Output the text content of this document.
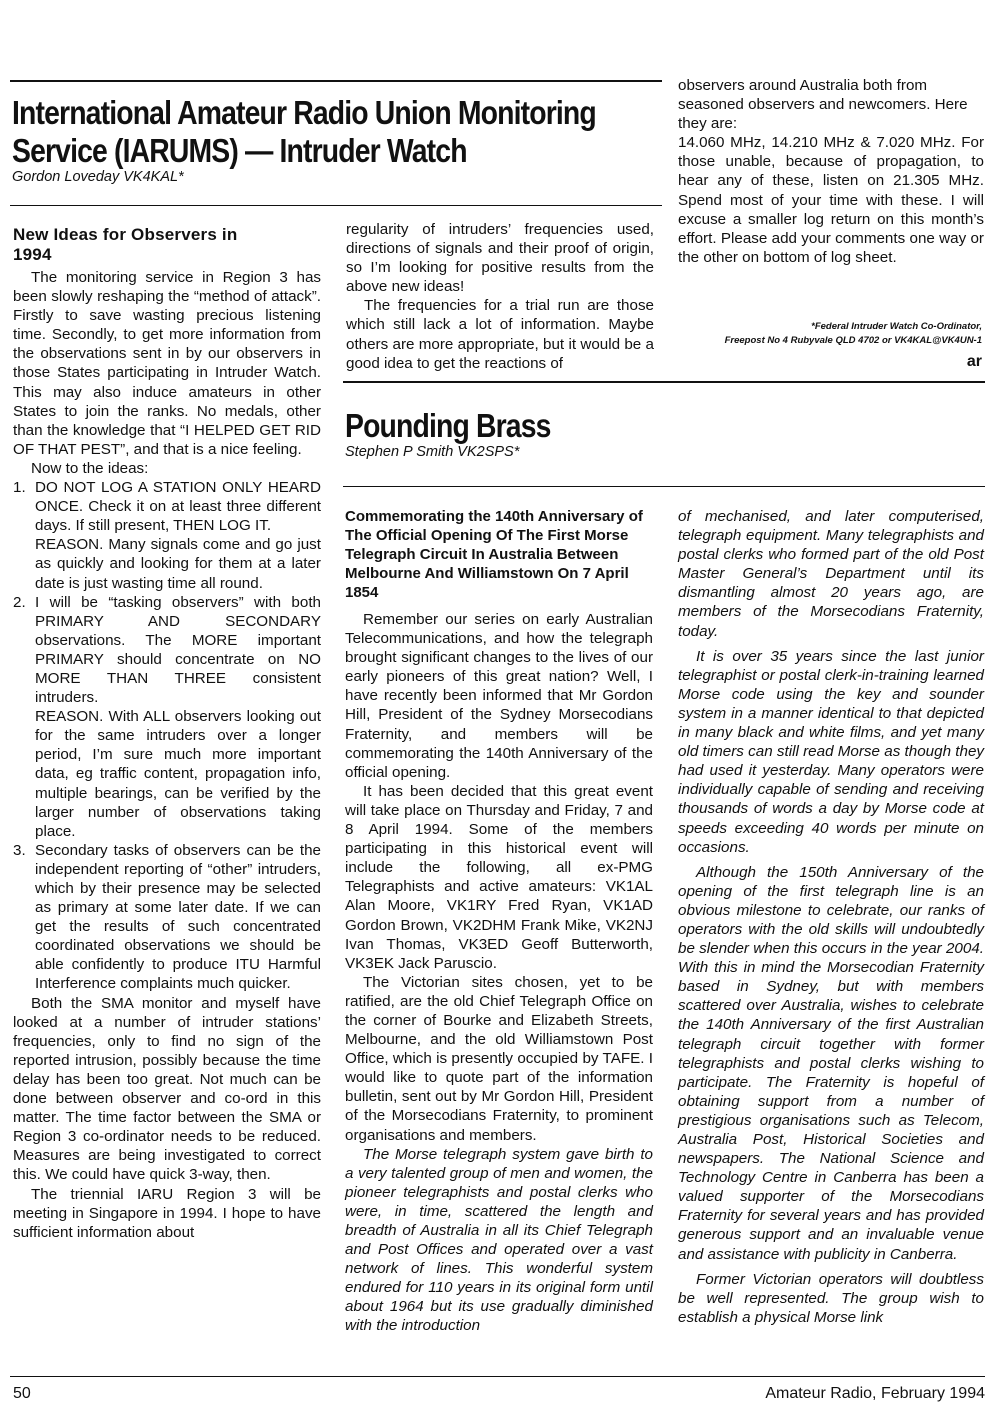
International Amateur Radio Union Monitoring
Service (IARUMS) — Intruder Watch
Gordon Loveday VK4KAL*
New Ideas for Observers in
1994

The monitoring service in Region 3 has been slowly reshaping the “method of attack”. Firstly to save wasting precious listening time. Secondly, to get more information from the observations sent in by our observers in those States participating in Intruder Watch. This may also induce amateurs in other States to join the ranks. No medals, other than the knowledge that “I HELPED GET RID OF THAT PEST”, and that is a nice feeling.

Now to the ideas:

1. DO NOT LOG A STATION ONLY HEARD ONCE. Check it on at least three different days. If still present, THEN LOG IT.
REASON. Many signals come and go just as quickly and looking for them at a later date is just wasting time all round.
2. I will be “tasking observers” with both PRIMARY AND SECONDARY observations. The MORE important PRIMARY should concentrate on NO MORE THAN THREE consistent intruders.
REASON. With ALL observers looking out for the same intruders over a longer period, I’m sure much more important data, eg traffic content, propagation info, multiple bearings, can be verified by the larger number of observations taking place.
3. Secondary tasks of observers can be the independent reporting of “other” intruders, which by their presence may be selected as primary at some later date. If we can get the results of such concentrated coordinated observations we should be able confidently to produce ITU Harmful Interference complaints much quicker.

Both the SMA monitor and myself have looked at a number of intruder stations’ frequencies, only to find no sign of the reported intrusion, possibly because the time delay has been too great. Not much can be done between observer and co-ord in this matter. The time factor between the SMA or Region 3 co-ordinator needs to be reduced. Measures are being investigated to correct this. We could have quick 3-way, then.

The triennial IARU Region 3 will be meeting in Singapore in 1994. I hope to have sufficient information about

regularity of intruders’ frequencies used, directions of signals and their proof of origin, so I’m looking for positive results from the above new ideas!

The frequencies for a trial run are those which still lack a lot of information. Maybe others are more appropriate, but it would be a good idea to get the reactions of

observers around Australia both from seasoned observers and newcomers. Here they are:

14.060 MHz, 14.210 MHz & 7.020 MHz. For those unable, because of propagation, to hear any of these, listen on 21.305 MHz. Spend most of your time with these. I will excuse a smaller log return on this month’s effort. Please add your comments one way or the other on bottom of log sheet.

*Federal Intruder Watch Co-Ordinator,
Freepost No 4 Rubyvale QLD 4702 or VK4KAL@VK4UN-1
ar
Pounding Brass
Stephen P Smith VK2SPS*
Commemorating the 140th Anniversary of The Official Opening Of The First Morse Telegraph Circuit In Australia Between Melbourne And Williamstown On 7 April 1854

Remember our series on early Australian Telecommunications, and how the telegraph brought significant changes to the lives of our early pioneers of this great nation? Well, I have recently been informed that Mr Gordon Hill, President of the Sydney Morsecodians Fraternity, and members will be commemorating the 140th Anniversary of the official opening.

It has been decided that this great event will take place on Thursday and Friday, 7 and 8 April 1994. Some of the members participating in this historical event will include the following, all ex-PMG Telegraphists and active amateurs: VK1AL Alan Moore, VK1RY Fred Ryan, VK1AD Gordon Brown, VK2DHM Frank Mike, VK2NJ Ivan Thomas, VK3ED Geoff Butterworth, VK3EK Jack Paruscio.

The Victorian sites chosen, yet to be ratified, are the old Chief Telegraph Office on the corner of Bourke and Elizabeth Streets, Melbourne, and the old Williamstown Post Office, which is presently occupied by TAFE. I would like to quote part of the information bulletin, sent out by Mr Gordon Hill, President of the Morsecodians Fraternity, to prominent organisations and members.

The Morse telegraph system gave birth to a very talented group of men and women, the pioneer telegraphists and postal clerks who were, in time, scattered the length and breadth of Australia in all its Chief Telegraph and Post Offices and operated over a vast network of lines. This wonderful system endured for 110 years in its original form until about 1964 but its use gradually diminished with the introduction

of mechanised, and later computerised, telegraph equipment. Many telegraphists and postal clerks who formed part of the old Post Master General’s Department until its dismantling almost 20 years ago, are members of the Morsecodians Fraternity, today.

It is over 35 years since the last junior telegraphist or postal clerk-in-training learned Morse code using the key and sounder system in a manner identical to that depicted in many black and white films, and yet many old timers can still read Morse as though they had used it yesterday. Many operators were individually capable of sending and receiving thousands of words a day by Morse code at speeds exceeding 40 words per minute on occasions.

Although the 150th Anniversary of the opening of the first telegraph line is an obvious milestone to celebrate, our ranks of operators with the old skills will undoubtedly be slender when this occurs in the year 2004. With this in mind the Morsecodian Fraternity based in Sydney, but with members scattered over Australia, wishes to celebrate the 140th Anniversary of the first Australian telegraph circuit together with former telegraphists and postal clerks wishing to participate. The Fraternity is hopeful of obtaining support from a number of prestigious organisations such as Telecom, Australia Post, Historical Societies and newspapers. The National Science and Technology Centre in Canberra has been a valued supporter of the Morsecodians Fraternity for several years and has provided generous support and an invaluable venue and assistance with publicity in Canberra.

Former Victorian operators will doubtless be well represented. The group wish to establish a physical Morse link

50	Amateur Radio, February 1994
